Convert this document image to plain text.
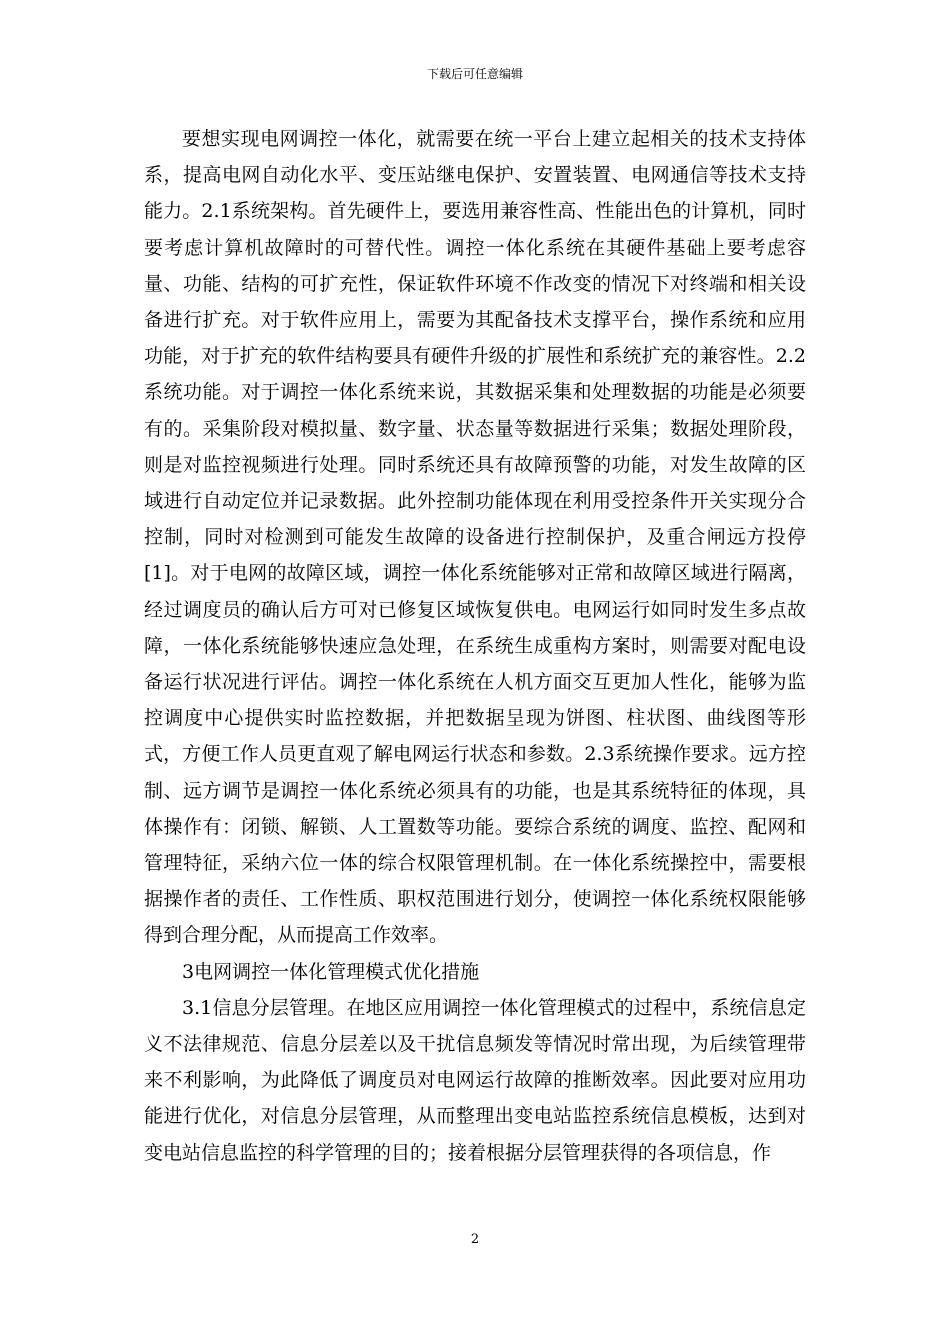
下载后可任意编辑

要想实现电网调控一体化，就需要在统一平台上建立起相关的技术支持体系，提高电网自动化水平、变压站继电保护、安置装置、电网通信等技术支持能力。2.1系统架构。首先硬件上，要选用兼容性高、性能出色的计算机，同时要考虑计算机故障时的可替代性。调控一体化系统在其硬件基础上要考虑容量、功能、结构的可扩充性，保证软件环境不作改变的情况下对终端和相关设备进行扩充。对于软件应用上，需要为其配备技术支撑平台，操作系统和应用功能，对于扩充的软件结构要具有硬件升级的扩展性和系统扩充的兼容性。2.2系统功能。对于调控一体化系统来说，其数据采集和处理数据的功能是必须要有的。采集阶段对模拟量、数字量、状态量等数据进行采集；数据处理阶段，则是对监控视频进行处理。同时系统还具有故障预警的功能，对发生故障的区域进行自动定位并记录数据。此外控制功能体现在利用受控条件开关实现分合控制，同时对检测到可能发生故障的设备进行控制保护，及重合闸远方投停[1]。对于电网的故障区域，调控一体化系统能够对正常和故障区域进行隔离，经过调度员的确认后方可对已修复区域恢复供电。电网运行如同时发生多点故障，一体化系统能够快速应急处理，在系统生成重构方案时，则需要对配电设备运行状况进行评估。调控一体化系统在人机方面交互更加人性化，能够为监控调度中心提供实时监控数据，并把数据呈现为饼图、柱状图、曲线图等形式，方便工作人员更直观了解电网运行状态和参数。2.3系统操作要求。远方控制、远方调节是调控一体化系统必须具有的功能，也是其系统特征的体现，具体操作有：闭锁、解锁、人工置数等功能。要综合系统的调度、监控、配网和管理特征，采纳六位一体的综合权限管理机制。在一体化系统操控中，需要根据操作者的责任、工作性质、职权范围进行划分，使调控一体化系统权限能够得到合理分配，从而提高工作效率。

3电网调控一体化管理模式优化措施

3.1信息分层管理。在地区应用调控一体化管理模式的过程中，系统信息定义不法律规范、信息分层差以及干扰信息频发等情况时常出现，为后续管理带来不利影响，为此降低了调度员对电网运行故障的推断效率。因此要对应用功能进行优化，对信息分层管理，从而整理出变电站监控系统信息模板，达到对变电站信息监控的科学管理的目的；接着根据分层管理获得的各项信息，作

2
